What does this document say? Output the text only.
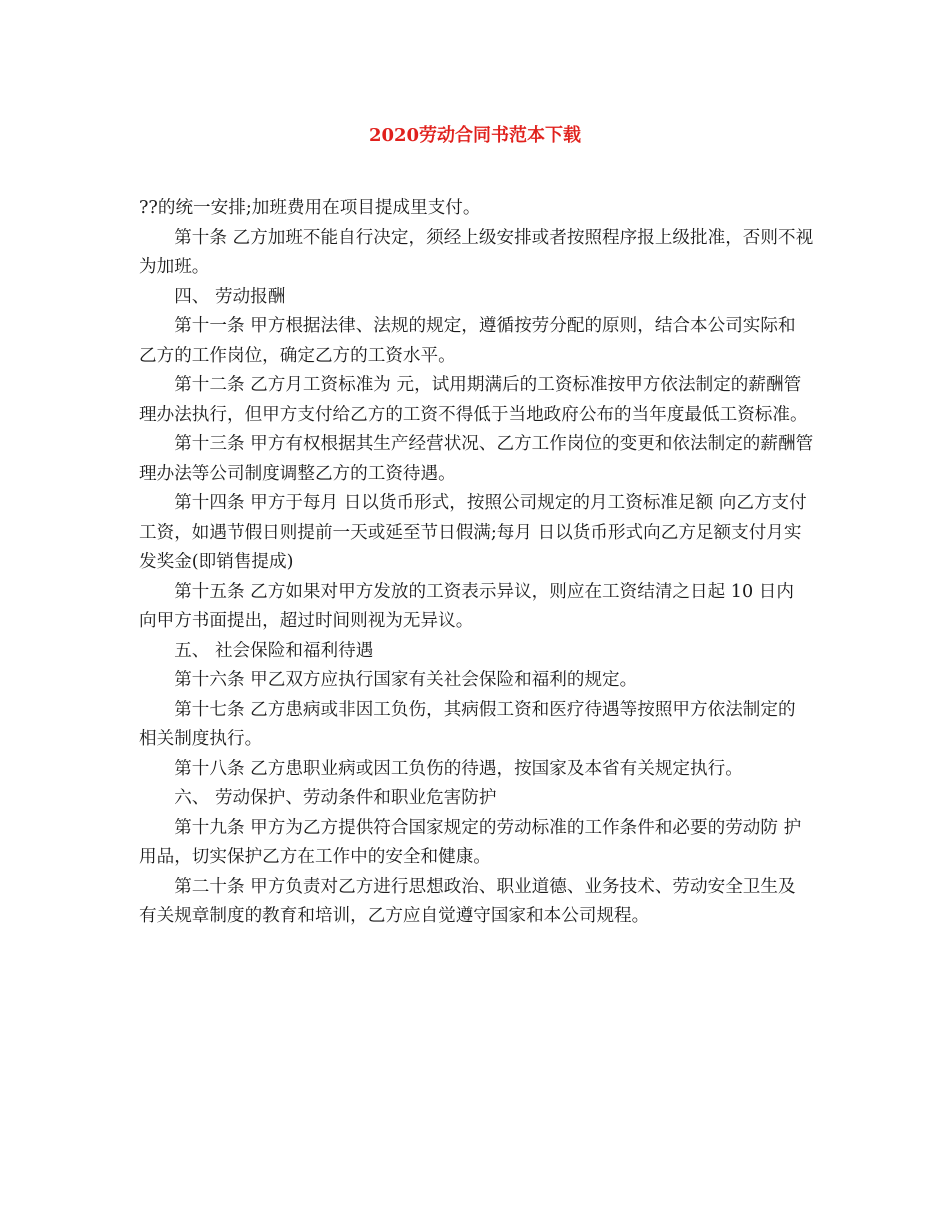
2020劳动合同书范本下载

??的统一安排;加班费用在项目提成里支付。

第十条 乙方加班不能自行决定，须经上级安排或者按照程序报上级批准，否则不视为加班。

四、 劳动报酬

第十一条 甲方根据法律、法规的规定，遵循按劳分配的原则，结合本公司实际和 乙方的工作岗位，确定乙方的工资水平。

第十二条 乙方月工资标准为 元，试用期满后的工资标准按甲方依法制定的薪酬管理办法执行，但甲方支付给乙方的工资不得低于当地政府公布的当年度最低工资标准。

第十三条 甲方有权根据其生产经营状况、乙方工作岗位的变更和依法制定的薪酬管理办法等公司制度调整乙方的工资待遇。

第十四条 甲方于每月 日以货币形式，按照公司规定的月工资标准足额 向乙方支付工资，如遇节假日则提前一天或延至节日假满;每月 日以货币形式向乙方足额支付月实发奖金(即销售提成)

第十五条 乙方如果对甲方发放的工资表示异议，则应在工资结清之日起 10 日内 向甲方书面提出，超过时间则视为无异议。

五、 社会保险和福利待遇

第十六条 甲乙双方应执行国家有关社会保险和福利的规定。

第十七条 乙方患病或非因工负伤，其病假工资和医疗待遇等按照甲方依法制定的 相关制度执行。

第十八条 乙方患职业病或因工负伤的待遇，按国家及本省有关规定执行。

六、 劳动保护、劳动条件和职业危害防护

第十九条 甲方为乙方提供符合国家规定的劳动标准的工作条件和必要的劳动防 护用品，切实保护乙方在工作中的安全和健康。

第二十条 甲方负责对乙方进行思想政治、职业道德、业务技术、劳动安全卫生及 有关规章制度的教育和培训，乙方应自觉遵守国家和本公司规程。
